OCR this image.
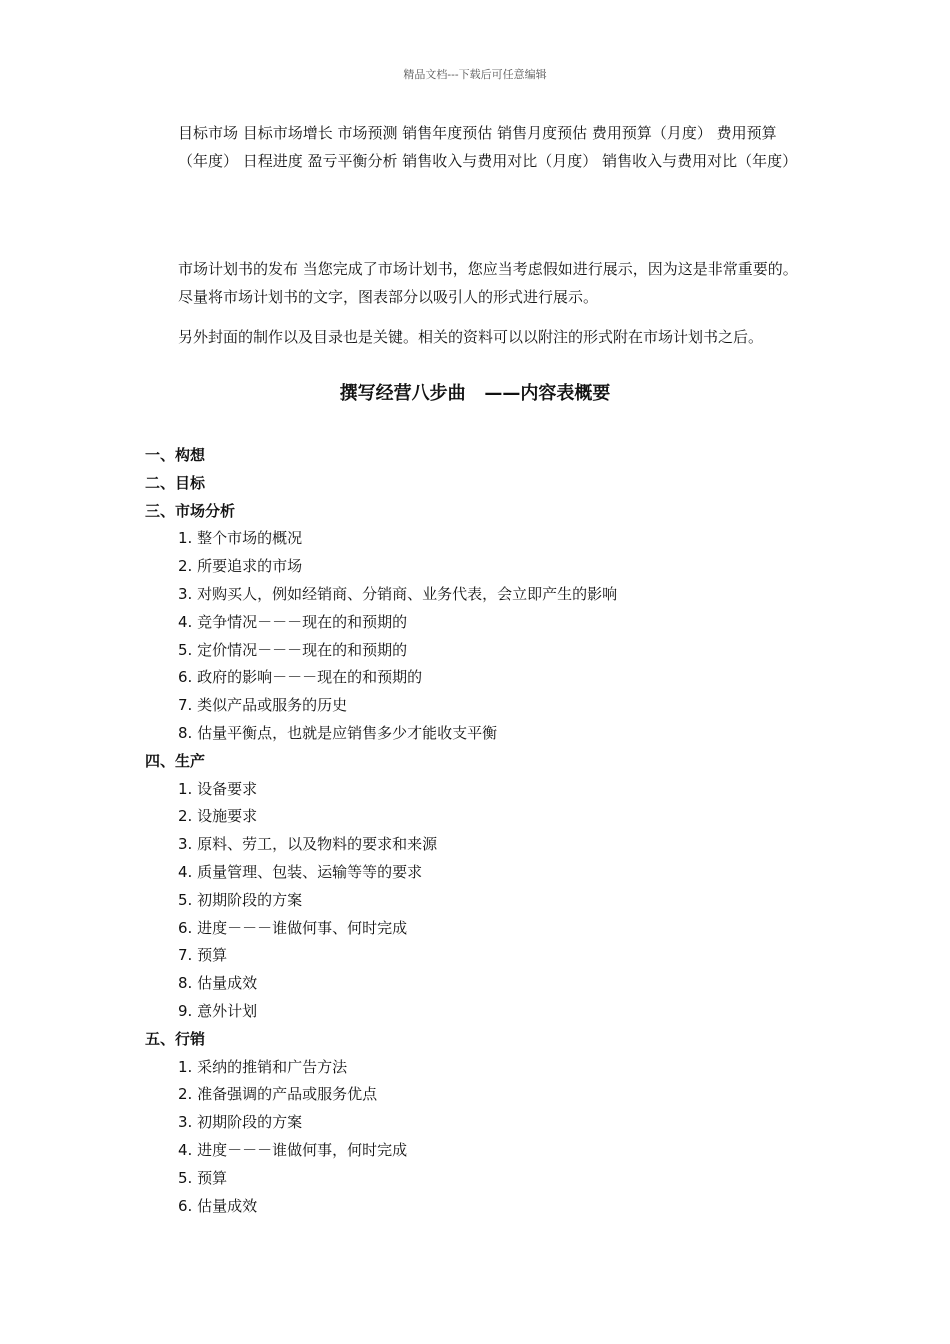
精品文档---下载后可任意编辑

目标市场 目标市场增长 市场预测 销售年度预估 销售月度预估 费用预算（月度） 费用预算（年度） 日程进度 盈亏平衡分析 销售收入与费用对比（月度） 销售收入与费用对比（年度）

市场计划书的发布 当您完成了市场计划书，您应当考虑假如进行展示，因为这是非常重要的。尽量将市场计划书的文字，图表部分以吸引人的形式进行展示。

另外封面的制作以及目录也是关键。相关的资料可以以附注的形式附在市场计划书之后。

撰写经营八步曲   ——内容表概要
一、构想
二、目标
三、市场分析
1. 整个市场的概况
2. 所要追求的市场
3. 对购买人，例如经销商、分销商、业务代表，会立即产生的影响
4. 竞争情况－－－现在的和预期的
5. 定价情况－－－现在的和预期的
6. 政府的影响－－－现在的和预期的
7. 类似产品或服务的历史
8. 估量平衡点，也就是应销售多少才能收支平衡
四、生产
1. 设备要求
2. 设施要求
3. 原料、劳工，以及物料的要求和来源
4. 质量管理、包装、运输等等的要求
5. 初期阶段的方案
6. 进度－－－谁做何事、何时完成
7. 预算
8. 估量成效
9. 意外计划
五、行销
1. 采纳的推销和广告方法
2. 准备强调的产品或服务优点
3. 初期阶段的方案
4. 进度－－－谁做何事，何时完成
5. 预算
6. 估量成效
